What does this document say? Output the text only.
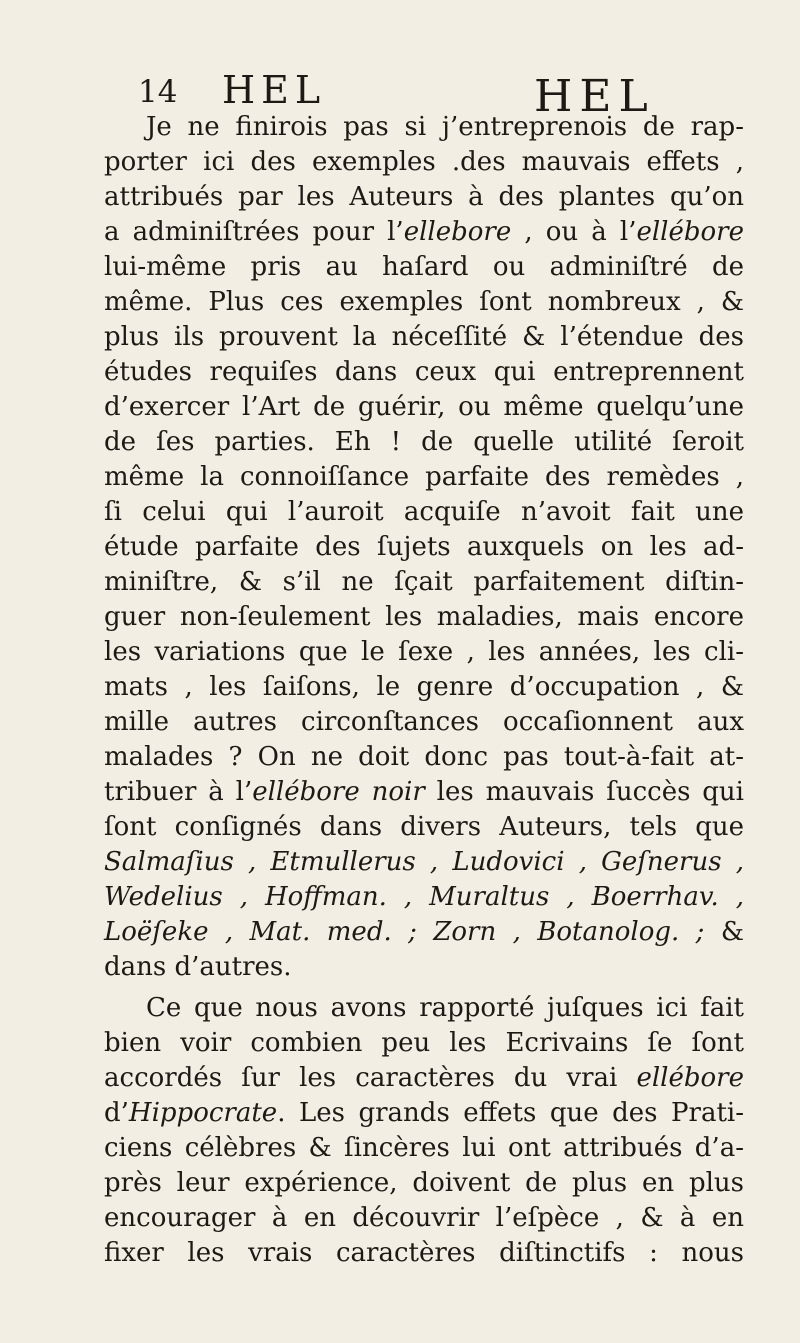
14 HEL	HEL
Je ne finirois pas si j’entreprenois de rap-
porter ici des exemples .des mauvais effets ,
attribués par les Auteurs à des plantes qu’on
a adminiſtrées pour l’ellebore , ou à l’ellébore
lui-même pris au haſard ou adminiſtré de
même. Plus ces exemples ſont nombreux , &
plus ils prouvent la néceſſité & l’étendue des
études requiſes dans ceux qui entreprennent
d’exercer l’Art de guérir, ou même quelqu’une
de ſes parties. Eh ! de quelle utilité ſeroit
même la connoiſſance parfaite des remèdes ,
ſi celui qui l’auroit acquiſe n’avoit fait une
étude parfaite des ſujets auxquels on les ad-
miniſtre, & s’il ne ſçait parfaitement diſtin-
guer non-ſeulement les maladies, mais encore
les variations que le ſexe , les années, les cli-
mats , les ſaiſons, le genre d’occupation , &
mille autres circonſtances occaſionnent aux
malades ? On ne doit donc pas tout-à-fait at-
tribuer à l’ellébore noir les mauvais ſuccès qui
ſont conſignés dans divers Auteurs, tels que
Salmaſius , Etmullerus , Ludovici , Geſnerus ,
Wedelius , Hoffman. , Muraltus , Boerrhav. ,
Loëſeke , Mat. med. ; Zorn , Botanolog. ; &
dans d’autres.
Ce que nous avons rapporté juſques ici fait
bien voir combien peu les Ecrivains ſe ſont
accordés ſur les caractères du vrai ellébore
d’Hippocrate. Les grands effets que des Prati-
ciens célèbres & ſincères lui ont attribués d’a-
près leur expérience, doivent de plus en plus
encourager à en découvrir l’eſpèce , & à en
fixer les vrais caractères diſtinctifs : nous
